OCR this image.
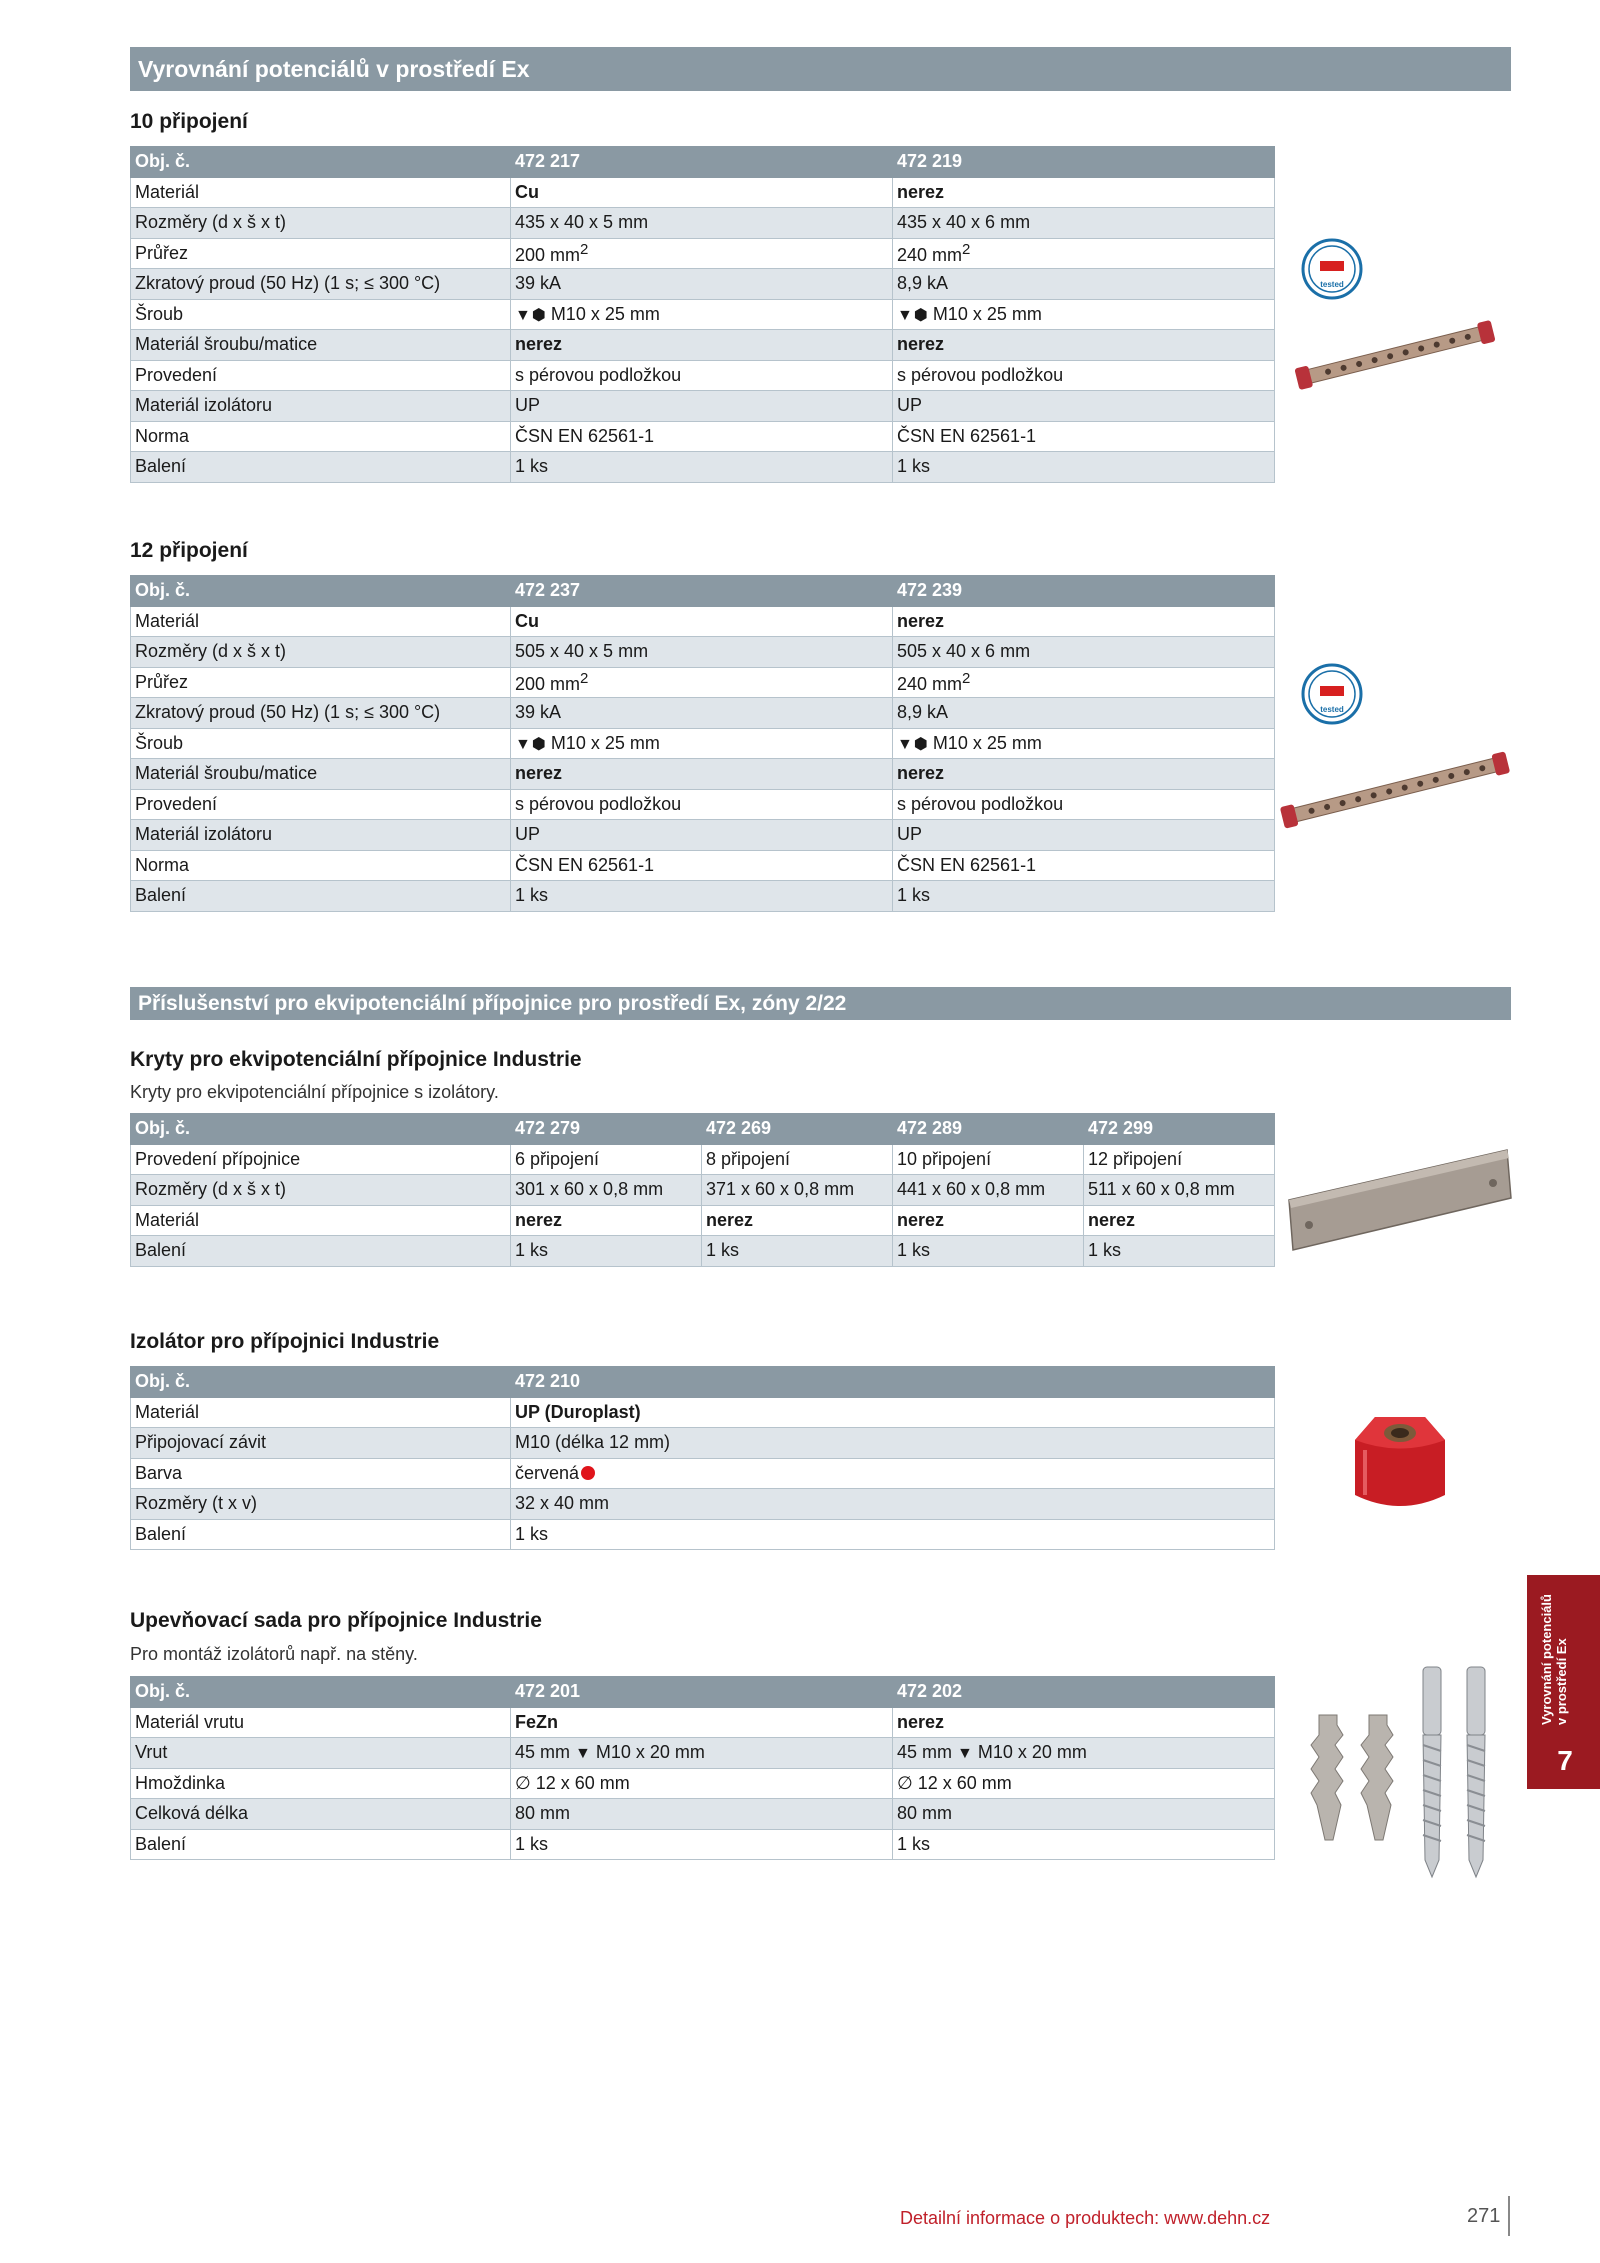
Vyrovnání potenciálů v prostředí Ex
10 připojení
Obj. č.	472 217	472 219
Materiál	Cu	nerez
Rozměry (d x š x t)	435 x 40 x 5 mm	435 x 40 x 6 mm
Průřez	200 $mm^2$	240 $mm^2$
Zkratový proud (50 Hz) (1 s; ≤ 300 °C)	39 kA	8,9 kA
Šroub	▼⬢ M10 x 25 mm	▼⬢ M10 x 25 mm
Materiál šroubu/matice	nerez	nerez
Provedení	s pérovou podložkou	s pérovou podložkou
Materiál izolátoru	UP	UP
Norma	ČSN EN 62561-1	ČSN EN 62561-1
Balení	1 ks	1 ks
tested
12 připojení
Obj. č.	472 237	472 239
Materiál	Cu	nerez
Rozměry (d x š x t)	505 x 40 x 5 mm	505 x 40 x 6 mm
Průřez	200 $mm^2$	240 $mm^2$
Zkratový proud (50 Hz) (1 s; ≤ 300 °C)	39 kA	8,9 kA
Šroub	▼⬢ M10 x 25 mm	▼⬢ M10 x 25 mm
Materiál šroubu/matice	nerez	nerez
Provedení	s pérovou podložkou	s pérovou podložkou
Materiál izolátoru	UP	UP
Norma	ČSN EN 62561-1	ČSN EN 62561-1
Balení	1 ks	1 ks
tested
Příslušenství pro ekvipotenciální přípojnice pro prostředí Ex, zóny 2/22
Kryty pro ekvipotenciální přípojnice Industrie
Kryty pro ekvipotenciální přípojnice s izolátory.
Obj. č.	472 279	472 269	472 289	472 299
Provedení přípojnice	6 připojení	8 připojení	10 připojení	12 připojení
Rozměry (d x š x t)	301 x 60 x 0,8 mm	371 x 60 x 0,8 mm	441 x 60 x 0,8 mm	511 x 60 x 0,8 mm
Materiál	nerez	nerez	nerez	nerez
Balení	1 ks	1 ks	1 ks	1 ks
Izolátor pro přípojnici Industrie
Obj. č.	472 210
Materiál	UP (Duroplast)
Připojovací závit	M10 (délka 12 mm)
Barva	červená
Rozměry (t x v)	32 x 40 mm
Balení	1 ks
Upevňovací sada pro přípojnice Industrie
Pro montáž izolátorů např. na stěny.
Obj. č.	472 201	472 202
Materiál vrutu	FeZn	nerez
Vrut	45 mm ▼ M10 x 20 mm	45 mm ▼ M10 x 20 mm
Hmoždinka	∅ 12 x 60 mm	∅ 12 x 60 mm
Celková délka	80 mm	80 mm
Balení	1 ks	1 ks
Vyrovnání potenciálů v prostředí Ex
7
Detailní informace o produktech: www.dehn.cz	271
